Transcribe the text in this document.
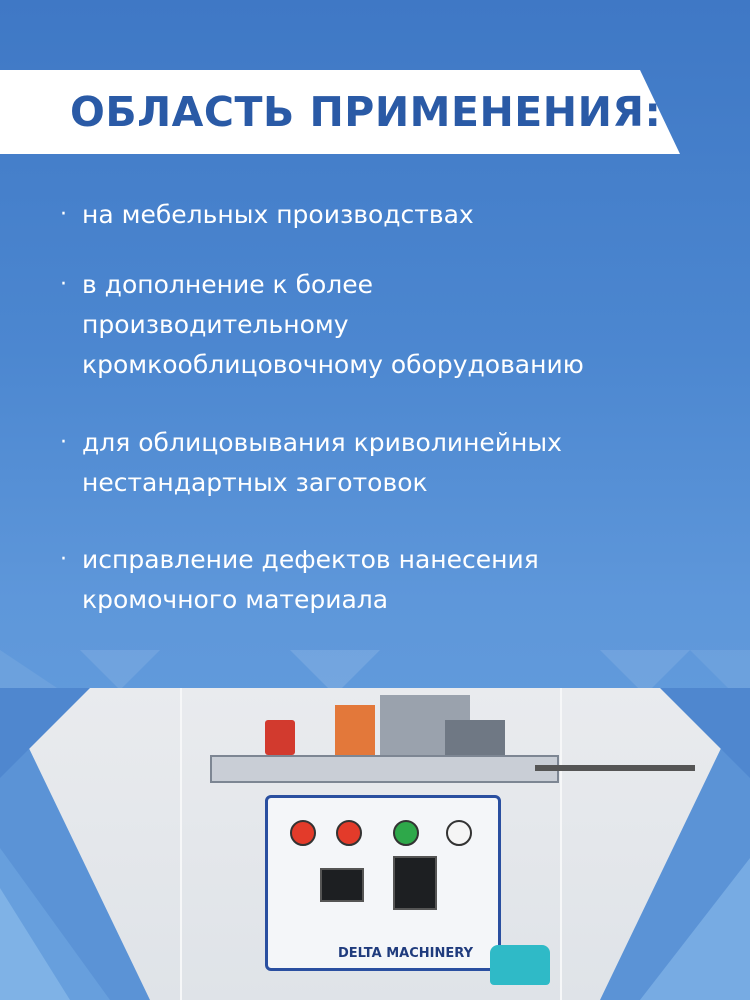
ОБЛАСТЬ ПРИМЕНЕНИЯ:
· на мебельных производствах
· в дополнение к более
производительному
кромкооблицовочному оборудованию
· для облицовывания криволинейных
нестандартных заготовок
· исправление дефектов нанесения
кромочного материала
DELTA MACHINERY
